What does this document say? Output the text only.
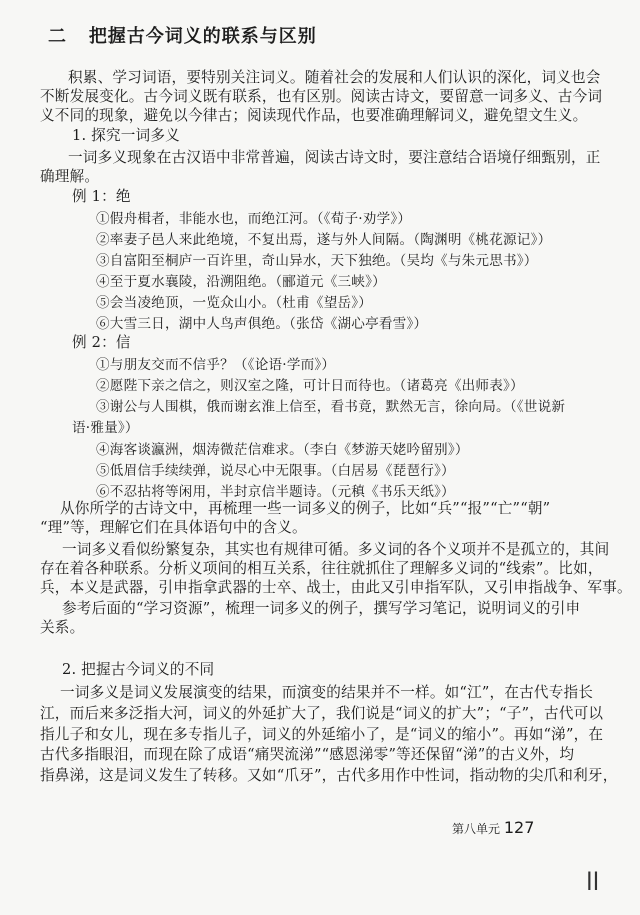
二 把握古今词义的联系与区别
积累、学习词语，要特别关注词义。随着社会的发展和人们认识的深化，词义也会
不断发展变化。古今词义既有联系，也有区别。阅读古诗文，要留意一词多义、古今词
义不同的现象，避免以今律古；阅读现代作品，也要准确理解词义，避免望文生义。
1. 探究一词多义
一词多义现象在古汉语中非常普遍，阅读古诗文时，要注意结合语境仔细甄别，正
确理解。
例 1：绝
①假舟楫者，非能水也，而绝江河。（《荀子·劝学》）
②率妻子邑人来此绝境，不复出焉，遂与外人间隔。（陶渊明《桃花源记》）
③自富阳至桐庐一百许里，奇山异水，天下独绝。（吴均《与朱元思书》）
④至于夏水襄陵，沿溯阻绝。（郦道元《三峡》）
⑤会当凌绝顶，一览众山小。（杜甫《望岳》）
⑥大雪三日，湖中人鸟声俱绝。（张岱《湖心亭看雪》）
例 2：信
①与朋友交而不信乎？（《论语·学而》）
②愿陛下亲之信之，则汉室之隆，可计日而待也。（诸葛亮《出师表》）
③谢公与人围棋，俄而谢玄淮上信至，看书竟，默然无言，徐向局。（《世说新
语·雅量》）
④海客谈瀛洲，烟涛微茫信难求。（李白《梦游天姥吟留别》）
⑤低眉信手续续弹，说尽心中无限事。（白居易《琵琶行》）
⑥不忍拈将等闲用，半封京信半题诗。（元稹《书乐天纸》）
从你所学的古诗文中，再梳理一些一词多义的例子，比如“兵”“报”“亡”“朝”
“理”等，理解它们在具体语句中的含义。
一词多义看似纷繁复杂，其实也有规律可循。多义词的各个义项并不是孤立的，其间
存在着各种联系。分析义项间的相互关系，往往就抓住了理解多义词的“线索”。比如，
兵，本义是武器，引申指拿武器的士卒、战士，由此又引申指军队，又引申指战争、军事。
参考后面的“学习资源”，梳理一词多义的例子，撰写学习笔记，说明词义的引申
关系。
2. 把握古今词义的不同
一词多义是词义发展演变的结果，而演变的结果并不一样。如“江”，在古代专指长
江，而后来多泛指大河，词义的外延扩大了，我们说是“词义的扩大”；“子”，古代可以
指儿子和女儿，现在多专指儿子，词义的外延缩小了，是“词义的缩小”。再如“涕”，在
古代多指眼泪，而现在除了成语“痛哭流涕”“感恩涕零”等还保留“涕”的古义外，均
指鼻涕，这是词义发生了转移。又如“爪牙”，古代多用作中性词，指动物的尖爪和利牙，
第八单元 127
ll
